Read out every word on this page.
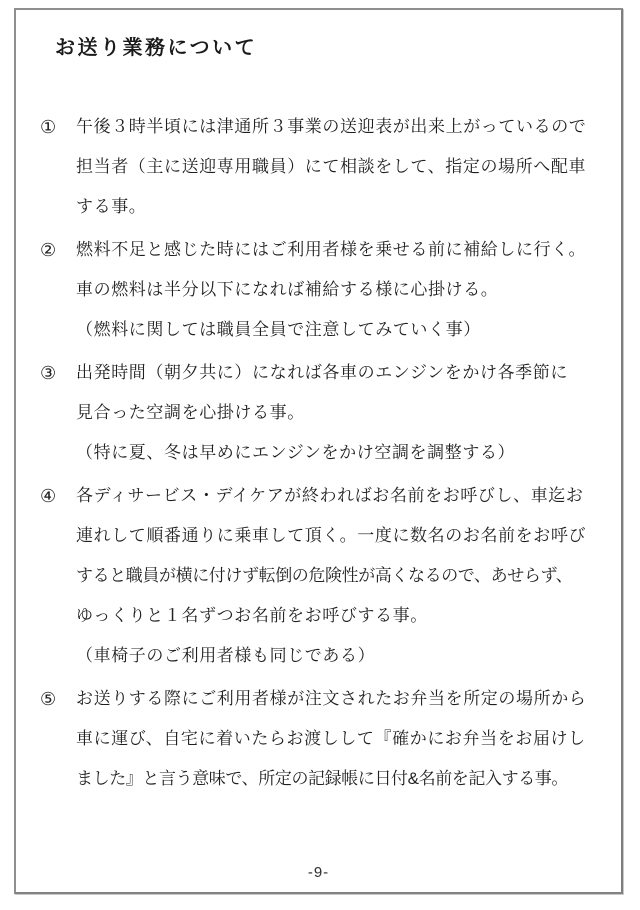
お送り業務について
①	午後３時半頃には津通所３事業の送迎表が出来上がっているので
担当者（主に送迎専用職員）にて相談をして、指定の場所へ配車
する事。
②	燃料不足と感じた時にはご利用者様を乗せる前に補給しに行く。
車の燃料は半分以下になれば補給する様に心掛ける。
（燃料に関しては職員全員で注意してみていく事）
③	出発時間（朝夕共に）になれば各車のエンジンをかけ各季節に
見合った空調を心掛ける事。
（特に夏、冬は早めにエンジンをかけ空調を調整する）
④	各ディサービス・デイケアが終わればお名前をお呼びし、車迄お
連れして順番通りに乗車して頂く。一度に数名のお名前をお呼び
すると職員が横に付けず転倒の危険性が高くなるので、あせらず、
ゆっくりと１名ずつお名前をお呼びする事。
（車椅子のご利用者様も同じである）
⑤	お送りする際にご利用者様が注文されたお弁当を所定の場所から
車に運び、自宅に着いたらお渡しして『確かにお弁当をお届けし
ました』と言う意味で、所定の記録帳に日付&名前を記入する事。
-9-
